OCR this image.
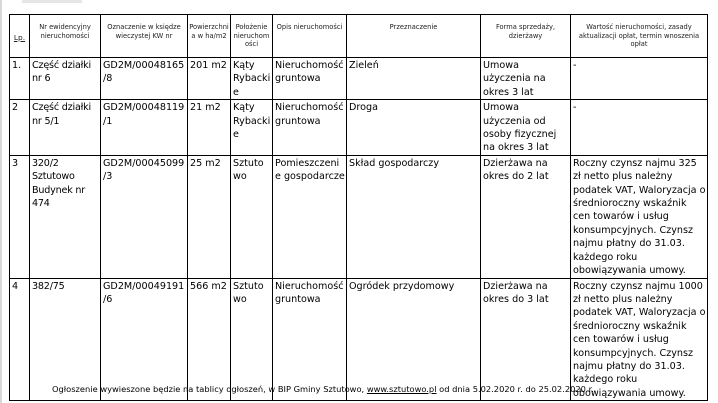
Lp.	Nr ewidencyjny nieruchomości	Oznaczenie w księdze wieczystej KW nr	Powierzchnia w ha/m2	Położenie nieruchomości	Opis nieruchomości	Przeznaczenie	Forma sprzedaży, dzierżawy	Wartość nieruchomości, zasady aktualizacji opłat, termin wnoszenia opłat
1.	Część działki nr 6	GD2M/00048165/8	201 m2	Kąty Rybackie	Nieruchomość gruntowa	Zieleń	Umowa użyczenia na okres 3 lat	-
2	Część działki nr 5/1	GD2M/00048119/1	21 m2	Kąty Rybackie	Nieruchomość gruntowa	Droga	Umowa użyczenia od osoby fizycznej na okres 3 lat	-
3	320/2 Sztutowo Budynek nr 474	GD2M/00045099/3	25 m2	Sztutowo	Pomieszczenie gospodarcze	Skład gospodarczy	Dzierżawa na okres do 2 lat	Roczny czynsz najmu 325 zł netto plus należny podatek VAT, Waloryzacja o średnioroczny wskaźnik cen towarów i usług konsumpcyjnych. Czynsz najmu płatny do 31.03. każdego roku obowiązywania umowy.
4	382/75	GD2M/00049191/6	566 m2	Sztutowo	Nieruchomość gruntowa	Ogródek przydomowy	Dzierżawa na okres do 3 lat	Roczny czynsz najmu 1000 zł netto plus należny podatek VAT, Waloryzacja o średnioroczny wskaźnik cen towarów i usług konsumpcyjnych. Czynsz najmu płatny do 31.03. każdego roku obowiązywania umowy.
Ogłoszenie wywieszone będzie na tablicy ogłoszeń, w BIP Gminy Sztutowo, www.sztutowo.pl od dnia 5.02.2020 r. do 25.02.2020 r.
